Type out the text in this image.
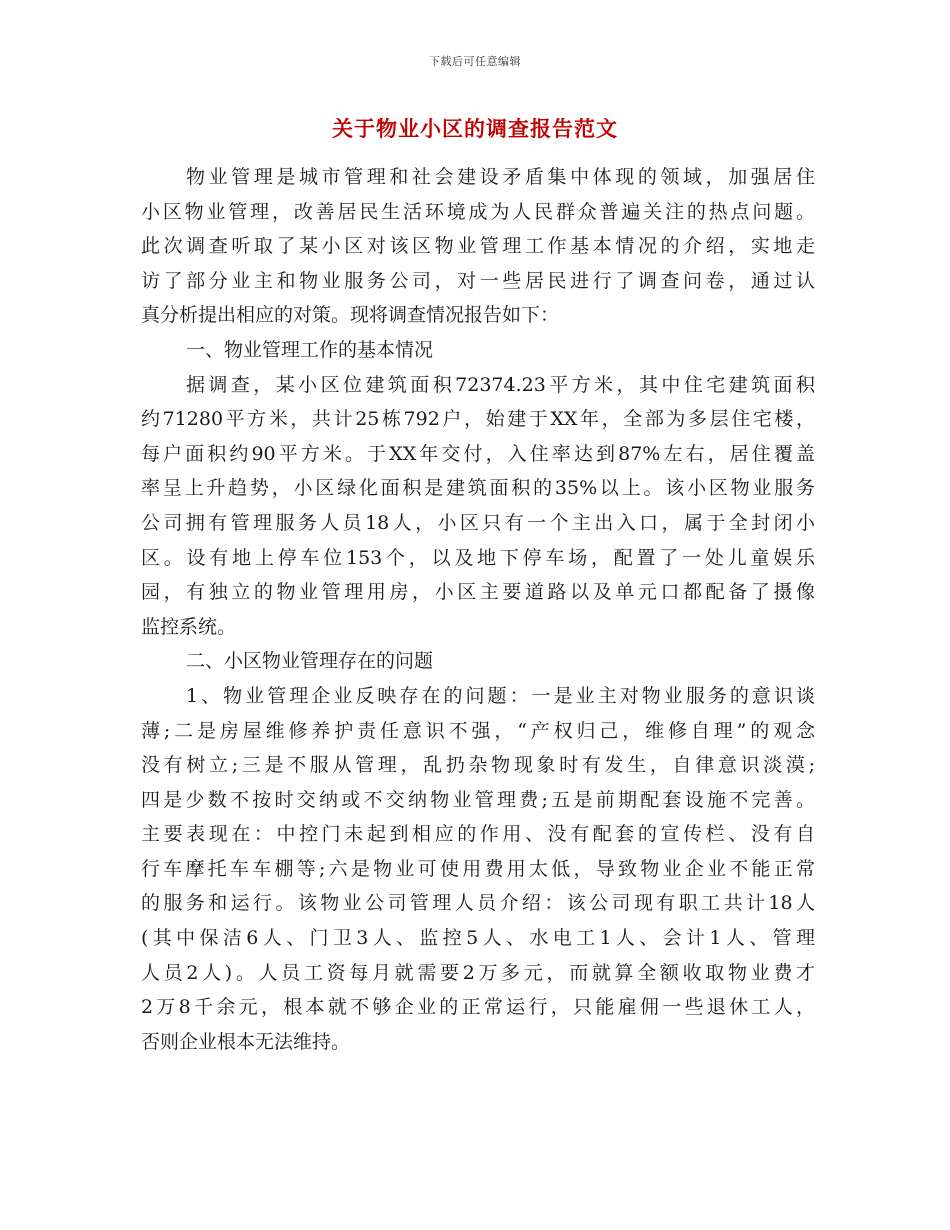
下载后可任意编辑
关于物业小区的调查报告范文
物业管理是城市管理和社会建设矛盾集中体现的领域，加强居住
小区物业管理，改善居民生活环境成为人民群众普遍关注的热点问题。
此次调查听取了某小区对该区物业管理工作基本情况的介绍，实地走
访了部分业主和物业服务公司，对一些居民进行了调查问卷，通过认
真分析提出相应的对策。现将调查情况报告如下：
一、物业管理工作的基本情况
据调查，某小区位建筑面积72374.23平方米，其中住宅建筑面积
约71280平方米，共计25栋792户，始建于XX年，全部为多层住宅楼，
每户面积约90平方米。于XX年交付，入住率达到87%左右，居住覆盖
率呈上升趋势，小区绿化面积是建筑面积的35%以上。该小区物业服务
公司拥有管理服务人员18人，小区只有一个主出入口，属于全封闭小
区。设有地上停车位153个，以及地下停车场，配置了一处儿童娱乐
园，有独立的物业管理用房，小区主要道路以及单元口都配备了摄像
监控系统。
二、小区物业管理存在的问题
1、物业管理企业反映存在的问题：一是业主对物业服务的意识谈
薄;二是房屋维修养护责任意识不强，“产权归己，维修自理”的观念
没有树立;三是不服从管理，乱扔杂物现象时有发生，自律意识淡漠;
四是少数不按时交纳或不交纳物业管理费;五是前期配套设施不完善。
主要表现在：中控门未起到相应的作用、没有配套的宣传栏、没有自
行车摩托车车棚等;六是物业可使用费用太低，导致物业企业不能正常
的服务和运行。该物业公司管理人员介绍：该公司现有职工共计18人
(其中保洁6人、门卫3人、监控5人、水电工1人、会计1人、管理
人员2人)。人员工资每月就需要2万多元，而就算全额收取物业费才
2万8千余元，根本就不够企业的正常运行，只能雇佣一些退休工人，
否则企业根本无法维持。
